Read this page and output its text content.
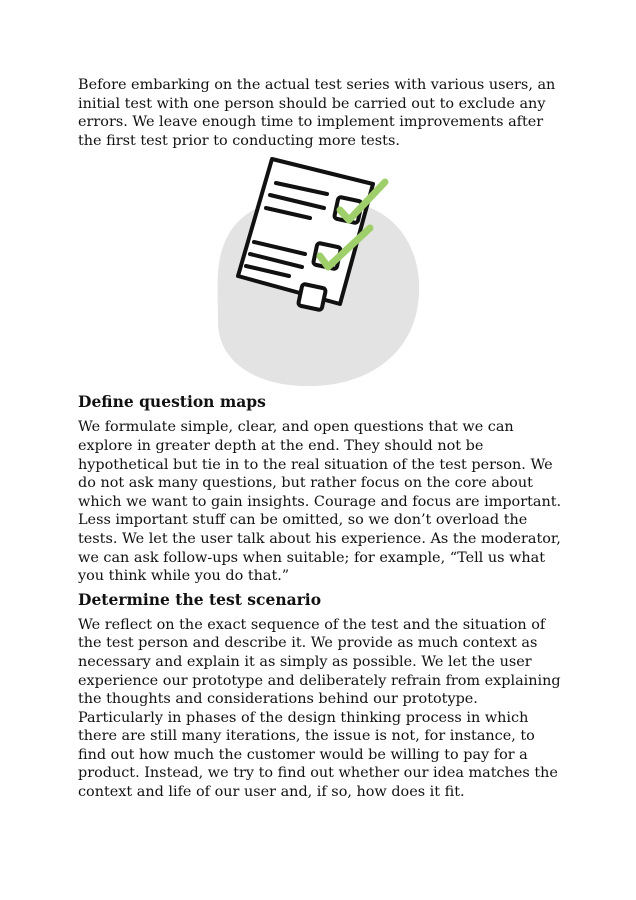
Before embarking on the actual test series with various users, an initial test with one person should be carried out to exclude any errors. We leave enough time to implement improvements after the first test prior to conducting more tests.

Define question maps

We formulate simple, clear, and open questions that we can explore in greater depth at the end. They should not be hypothetical but tie in to the real situation of the test person. We do not ask many questions, but rather focus on the core about which we want to gain insights. Courage and focus are important. Less important stuff can be omitted, so we don’t overload the tests. We let the user talk about his experience. As the moderator, we can ask follow-ups when suitable; for example, “Tell us what you think while you do that.”

Determine the test scenario

We reflect on the exact sequence of the test and the situation of the test person and describe it. We provide as much context as necessary and explain it as simply as possible. We let the user experience our prototype and deliberately refrain from explaining the thoughts and considerations behind our prototype. Particularly in phases of the design thinking process in which there are still many iterations, the issue is not, for instance, to find out how much the customer would be willing to pay for a product. Instead, we try to find out whether our idea matches the context and life of our user and, if so, how does it fit.
